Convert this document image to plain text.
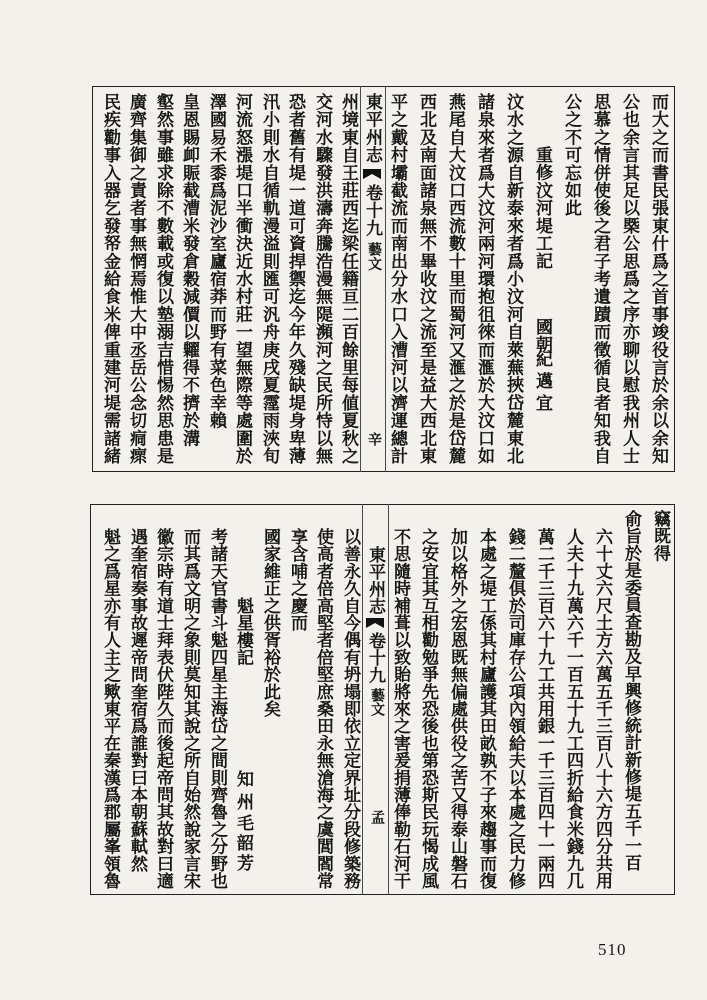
而大之而書民張東什爲之首事竣役言於余以余知
公也余言其足以槩公思爲之序亦聊以慰我州人士
思慕之情併使後之君子考遺蹟而徵循良者知我自
公之不可忘如此
重修汶河堤工記
國朝
紀邁宜
汶水之源自新泰來者爲小汶河自萊蕪挾岱麓東北
諸泉來者爲大汶河兩河環抱徂徠而滙於大汶口如
燕尾自大汶口西流數十里而蜀河又滙之於是岱麓
西北及南面諸泉無不畢收汶之流至是益大西北東
平之戴村壩截流而南出分水口入漕河以濟運總計
東平州志
卷十九
藝文
辛
州境東自王莊西迄梁任籍亘二百餘里每値夏秋之
交河水驟發洪濤奔騰浩漫無隄瀕河之民所恃以無
恐者舊有堤一道可資捍禦迄今年久殘缺堤身卑薄
汛小則水自循軌漫溢則匯可汎舟庚戌夏霪雨浹旬
河流怒漲堤口半衝決近水村莊一望無際等處圍於
澤國易禾黍爲泥沙室廬宿莽而野有菜色幸賴
皇恩賜卹賑截漕米發倉穀減價以糶得不擠於溝
壑然事雖求除不數載或復以墊溺吉惜惕然思患是
廣齊集御之責者事無惘焉惟大中丞岳公念切痌瘝
民疾勸事入器乞發帑金給食米俾重建河堤需諸緒
竊既得
俞旨於是委員查勘及早興修統計新修堤五千一百
六十丈六尺土方六萬五千三百八十六方四分共用
人夫十九萬六千一百五十九工四折給食米錢九几
萬二千三百六十九工共用銀一千三百四十一兩四
錢二釐俱於司庫存公項內領給夫以本處之民力修
本處之堤工係其村廬護其田畝孰不子來趨事而復
加以格外之宏恩既無偏處供役之苦又得泰山磐石
之安宜其互相勸勉爭先恐後也第恐斯民玩愒成風
不思隨時補葺以致貽將來之害爰捐薄俸勒石河干
東平州志
卷十九
藝文
孟
以善永久自今偶有坍塌即依立定界址分段修築務
使高者倍高堅者倍堅庶桑田永無滄海之虞閭閻常
享含哺之慶而
國家維正之供胥裕於此矣
魁星樓記
知州
毛韶芳
考諸天官書斗魁四星主海岱之間則齊魯之分野也
而其爲文明之象則莫知其說之所自始然說家言宋
徽宗時有道士拜表伏陛久而後起帝問其故對曰適
遇奎宿奏事故遲帝問奎宿爲誰對曰本朝蘇軾然
魁之爲星亦有人主之歟東平在秦漢爲郡屬峯領魯
510
